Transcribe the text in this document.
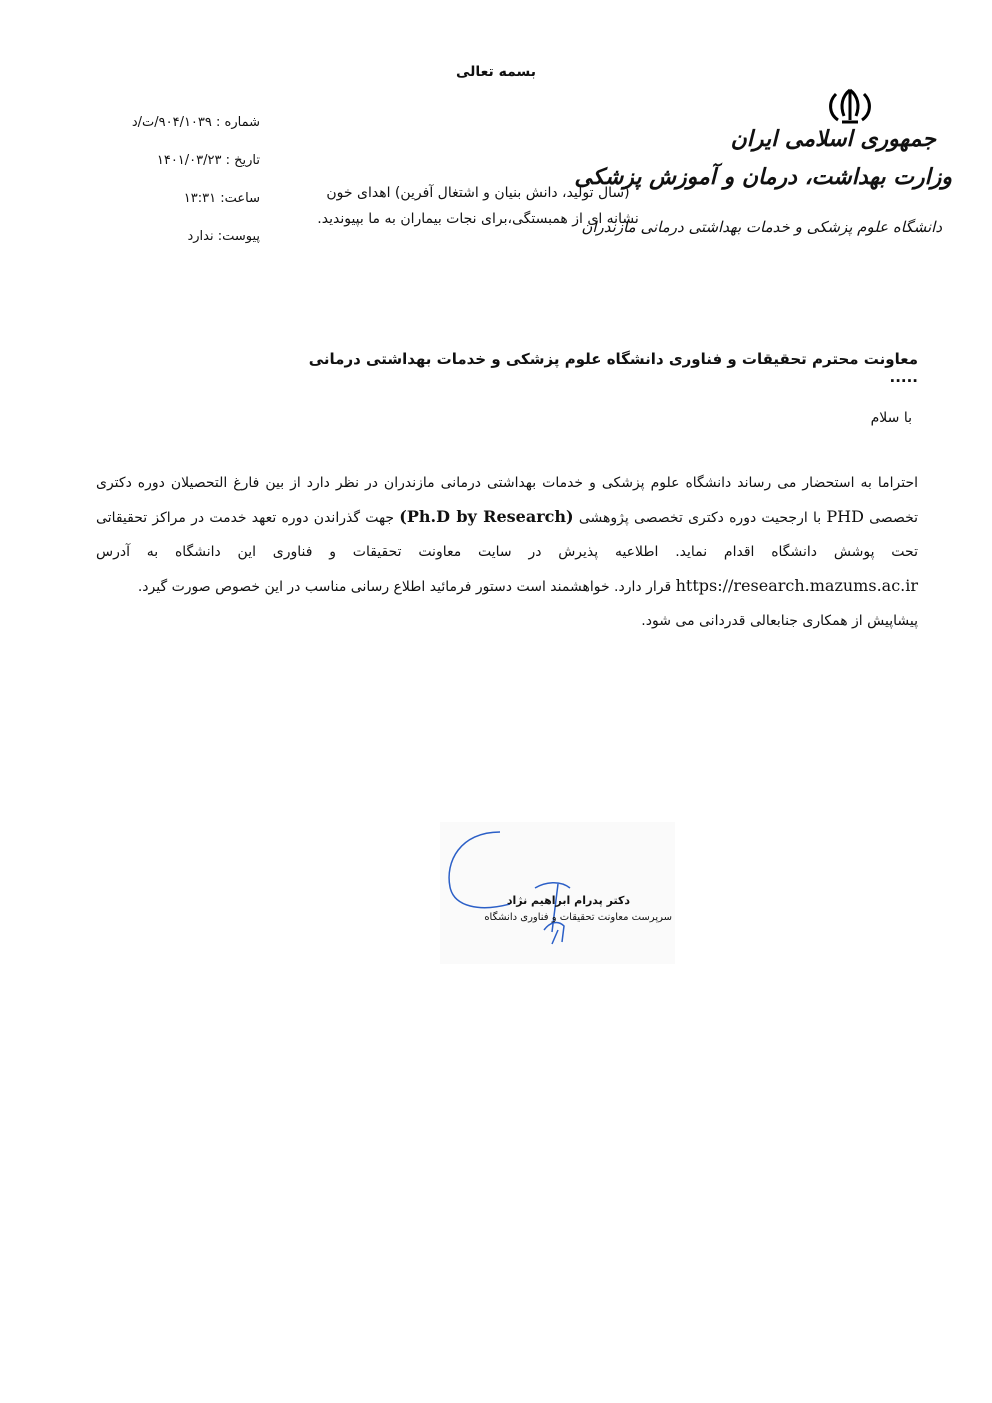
بسمه تعالی
جمهوری اسلامی ایران
وزارت بهداشت، درمان و آموزش پزشکی
دانشگاه علوم پزشکی و خدمات بهداشتی درمانی مازندران
(سال تولید، دانش بنیان و اشتغال آفرین) اهدای خون
نشانه ای از همبستگی،برای نجات بیماران به ما بپیوندید.
شماره : ۹۰۴/۱۰۳۹/ت/د
تاریخ : ۱۴۰۱/۰۳/۲۳
ساعت: ۱۳:۳۱
پیوست: ندارد
معاونت محترم تحقیقات و فناوری دانشگاه علوم پزشکی و خدمات بهداشتی درمانی .....
با سلام
احتراما به استحضار می رساند دانشگاه علوم پزشکی و خدمات بهداشتی درمانی مازندران در نظر دارد از بین فارغ التحصیلان دوره دکتری تخصصی PHD با ارجحیت دوره دکتری تخصصی پژوهشی (Ph.D by Research) جهت گذراندن دوره تعهد خدمت در مراکز تحقیقاتی تحت پوشش دانشگاه اقدام نماید. اطلاعیه پذیرش در سایت معاونت تحقیقات و فناوری این دانشگاه به آدرس https://research.mazums.ac.ir قرار دارد. خواهشمند است دستور فرمائید اطلاع رسانی مناسب در این خصوص صورت گیرد.
پیشاپیش از همکاری جنابعالی قدردانی می شود.
دکتر پدرام ابراهیم نژاد
سرپرست معاونت تحقیقات و فناوری دانشگاه
